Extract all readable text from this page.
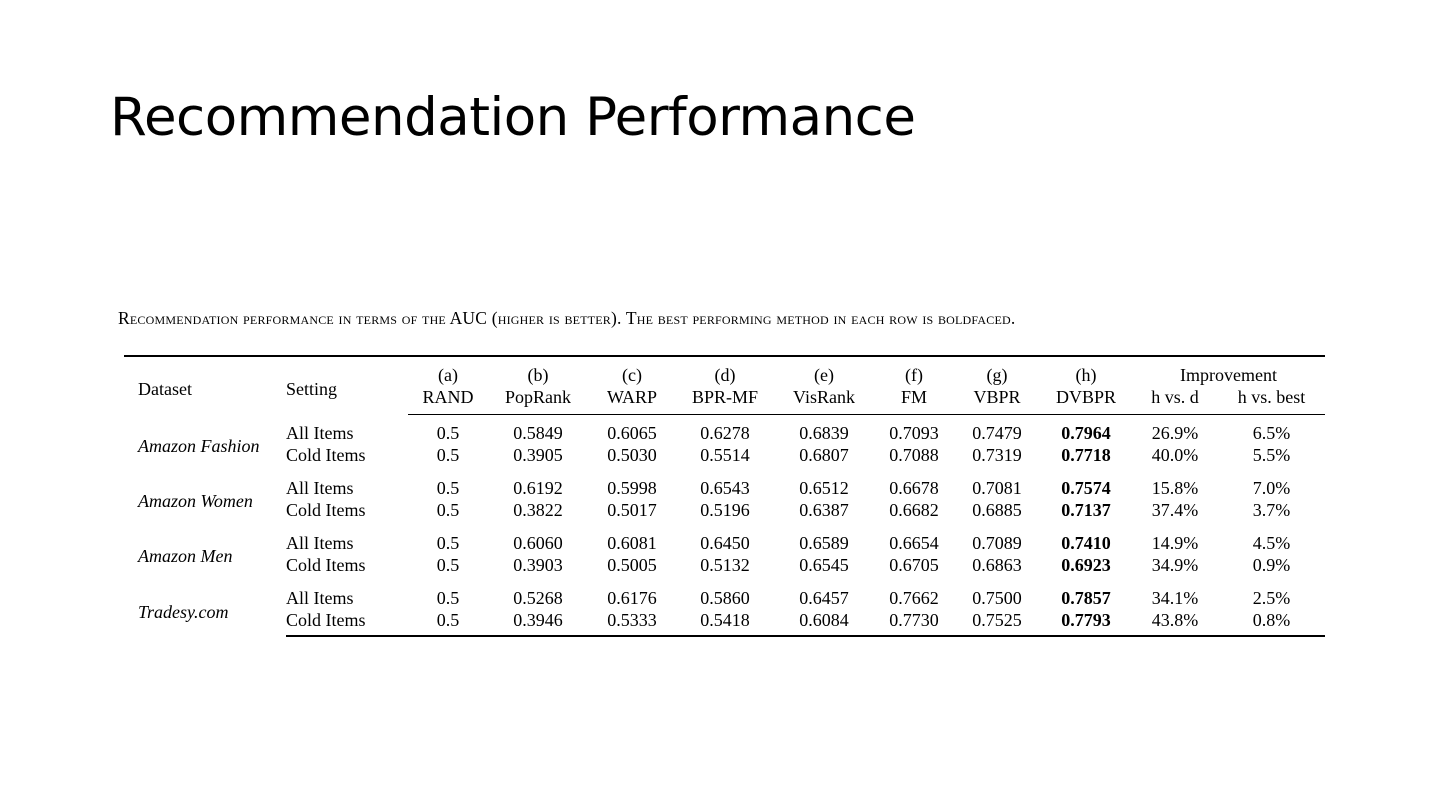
Recommendation Performance
Recommendation performance in terms of the AUC (higher is better). The best performing method in each row is boldfaced.
Dataset	Setting	(a)	(b)	(c)	(d)	(e)	(f)	(g)	(h)	Improvement	
		RAND	PopRank	WARP	BPR-MF	VisRank	FM	VBPR	DVBPR	h vs. d	h vs. best
Amazon Fashion	All Items	0.5	0.5849	0.6065	0.6278	0.6839	0.7093	0.7479	0.7964	26.9%	6.5%
	Cold Items	0.5	0.3905	0.5030	0.5514	0.6807	0.7088	0.7319	0.7718	40.0%	5.5%
Amazon Women	All Items	0.5	0.6192	0.5998	0.6543	0.6512	0.6678	0.7081	0.7574	15.8%	7.0%
	Cold Items	0.5	0.3822	0.5017	0.5196	0.6387	0.6682	0.6885	0.7137	37.4%	3.7%
Amazon Men	All Items	0.5	0.6060	0.6081	0.6450	0.6589	0.6654	0.7089	0.7410	14.9%	4.5%
	Cold Items	0.5	0.3903	0.5005	0.5132	0.6545	0.6705	0.6863	0.6923	34.9%	0.9%
Tradesy.com	All Items	0.5	0.5268	0.6176	0.5860	0.6457	0.7662	0.7500	0.7857	34.1%	2.5%
	Cold Items	0.5	0.3946	0.5333	0.5418	0.6084	0.7730	0.7525	0.7793	43.8%	0.8%
